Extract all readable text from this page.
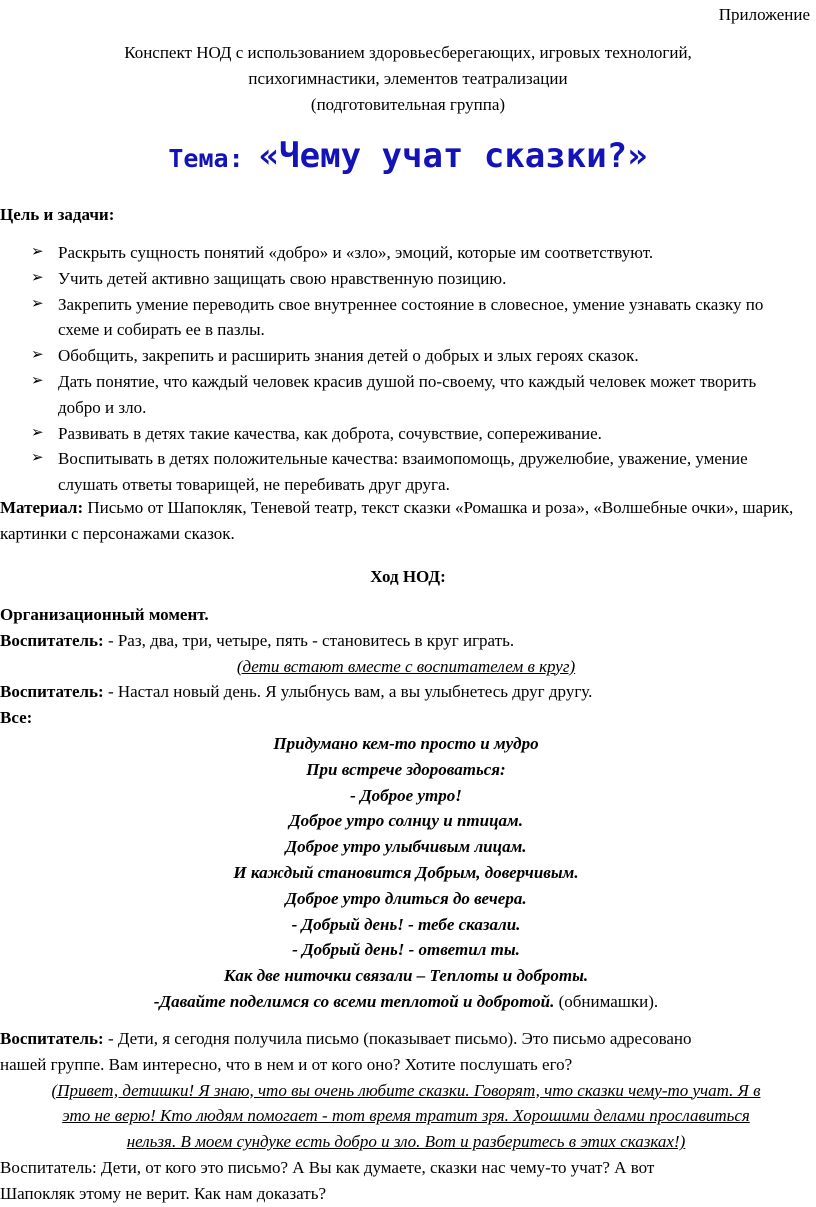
Приложение
Конспект НОД с использованием здоровьесберегающих, игровых технологий,
психогимнастики, элементов театрализации
(подготовительная группа)
Тема: «Чему учат сказки?»
Цель и задачи:
➢ Раскрыть сущность понятий «добро» и «зло», эмоций, которые им соответствуют.
➢ Учить детей активно защищать свою нравственную позицию.
➢ Закрепить умение переводить свое внутреннее состояние в словесное, умение узнавать сказку по схеме и собирать ее в пазлы.
➢ Обобщить, закрепить и расширить знания детей о добрых и злых героях сказок.
➢ Дать понятие, что каждый человек красив душой по-своему, что каждый человек может творить добро и зло.
➢ Развивать в детях такие качества, как доброта, сочувствие, сопереживание.
➢ Воспитывать в детях положительные качества: взаимопомощь, дружелюбие, уважение, умение слушать ответы товарищей, не перебивать друг друга.
Материал: Письмо от Шапокляк, Теневой театр, текст сказки «Ромашка и роза», «Волшебные очки», шарик, картинки с персонажами сказок.
Ход НОД:
Организационный момент.
Воспитатель: - Раз, два, три, четыре, пять - становитесь в круг играть.
(дети встают вместе с воспитателем в круг)
Воспитатель: - Настал новый день. Я улыбнусь вам, а вы улыбнетесь друг другу.
Все:
Придумано кем-то просто и мудро
При встрече здороваться:
- Доброе утро!
Доброе утро солнцу и птицам.
Доброе утро улыбчивым лицам.
И каждый становится Добрым, доверчивым.
Доброе утро длиться до вечера.
- Добрый день! - тебе сказали.
- Добрый день! - ответил ты.
Как две ниточки связали – Теплоты и доброты.
-Давайте поделимся со всеми теплотой и добротой. (обнимашки).
Воспитатель: - Дети, я сегодня получила письмо (показывает письмо). Это письмо адресовано
нашей группе. Вам интересно, что в нем и от кого оно? Хотите послушать его?
(Привет, детишки! Я знаю, что вы очень любите сказки. Говорят, что сказки чему-то учат. Я в
это не верю! Кто людям помогает - тот время тратит зря. Хорошими делами прославиться
нельзя. В моем сундуке есть добро и зло. Вот и разберитесь в этих сказках!)
Воспитатель: Дети, от кого это письмо? А Вы как думаете, сказки нас чему-то учат? А вот
Шапокляк этому не верит. Как нам доказать?
